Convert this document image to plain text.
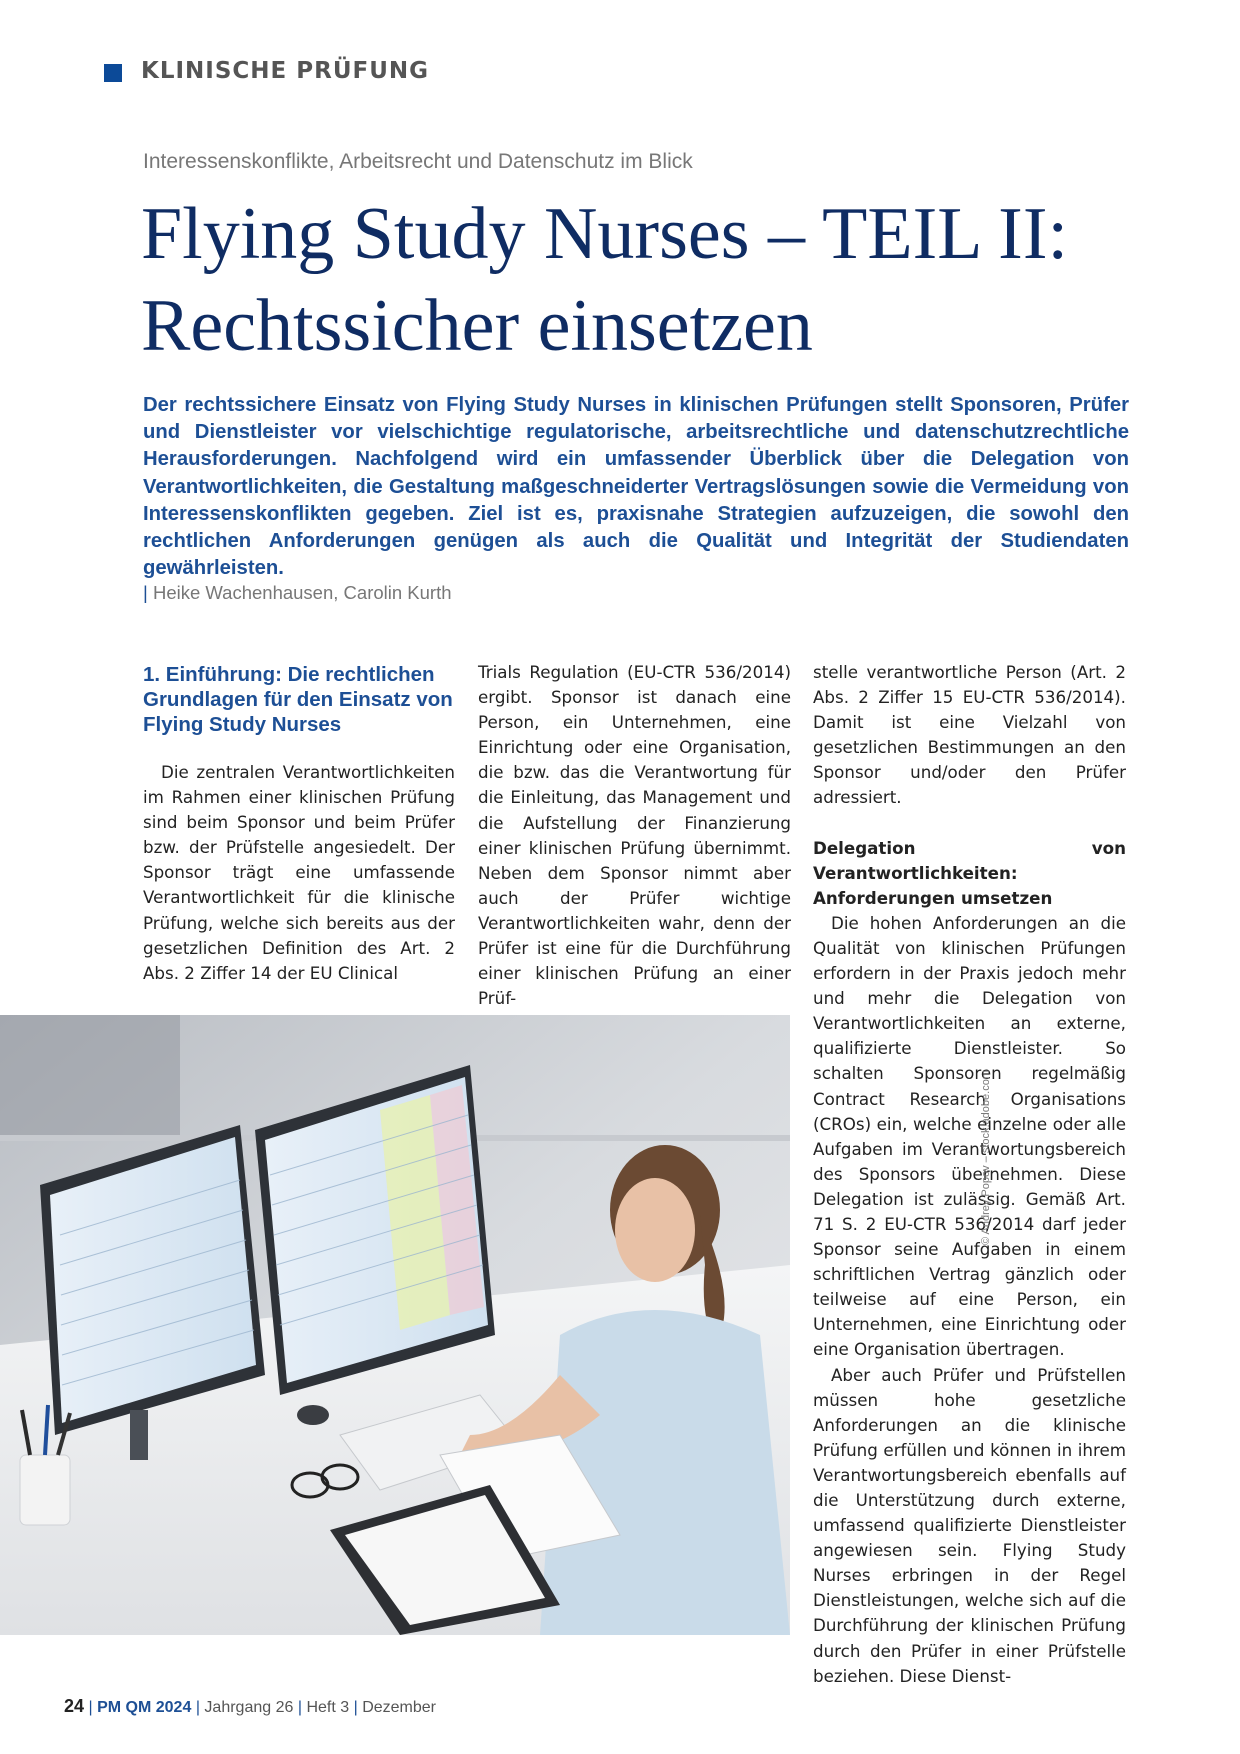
KLINISCHE PRÜFUNG
Interessenskonflikte, Arbeitsrecht und Datenschutz im Blick
Flying Study Nurses – TEIL II:
Rechtssicher einsetzen
Der rechtssichere Einsatz von Flying Study Nurses in klinischen Prüfungen stellt Sponsoren, Prüfer und Dienstleister vor vielschichtige regulatorische, arbeitsrechtliche und datenschutzrechtliche Herausforderungen. Nachfolgend wird ein umfassender Überblick über die Delegation von Verantwortlichkeiten, die Gestaltung maßgeschneiderter Vertragslösungen sowie die Vermeidung von Interessenskonflikten gegeben. Ziel ist es, praxisnahe Strategien aufzuzeigen, die sowohl den rechtlichen Anforderungen genügen als auch die Qualität und Integrität der Studiendaten gewährleisten.
| Heike Wachenhausen, Carolin Kurth
1. Einführung: Die rechtlichen Grundlagen für den Einsatz von Flying Study Nurses

Die zentralen Verantwortlichkeiten im Rahmen einer klinischen Prüfung sind beim Sponsor und beim Prüfer bzw. der Prüfstelle angesiedelt. Der Sponsor trägt eine umfassende Verantwortlichkeit für die klinische Prüfung, welche sich bereits aus der gesetzlichen Definition des Art. 2 Abs. 2 Ziffer 14 der EU Clinical

Trials Regulation (EU-CTR 536/2014) ergibt. Sponsor ist danach eine Person, ein Unternehmen, eine Einrichtung oder eine Organisation, die bzw. das die Verantwortung für die Einleitung, das Management und die Aufstellung der Finanzierung einer klinischen Prüfung übernimmt. Neben dem Sponsor nimmt aber auch der Prüfer wichtige Verantwortlichkeiten wahr, denn der Prüfer ist eine für die Durchführung einer klinischen Prüfung an einer Prüf-

stelle verantwortliche Person (Art. 2 Abs. 2 Ziffer 15 EU-CTR 536/2014). Damit ist eine Vielzahl von gesetzlichen Bestimmungen an den Sponsor und/oder den Prüfer adressiert.

Delegation von Verantwortlichkeiten: Anforderungen umsetzen

Die hohen Anforderungen an die Qualität von klinischen Prüfungen erfordern in der Praxis jedoch mehr und mehr die Delegation von Verantwortlichkeiten an externe, qualifizierte Dienstleister. So schalten Sponsoren regelmäßig Contract Research Organisations (CROs) ein, welche einzelne oder alle Aufgaben im Verantwortungsbereich des Sponsors übernehmen. Diese Delegation ist zulässig. Gemäß Art. 71 S. 2 EU-CTR 536/2014 darf jeder Sponsor seine Aufgaben in einem schriftlichen Vertrag gänzlich oder teilweise auf eine Person, ein Unternehmen, eine Einrichtung oder eine Organisation übertragen.

Aber auch Prüfer und Prüfstellen müssen hohe gesetzliche Anforderungen an die klinische Prüfung erfüllen und können in ihrem Verantwortungsbereich ebenfalls auf die Unterstützung durch externe, umfassend qualifizierte Dienstleister angewiesen sein. Flying Study Nurses erbringen in der Regel Dienstleistungen, welche sich auf die Durchführung der klinischen Prüfung durch den Prüfer in einer Prüfstelle beziehen. Diese Dienst-

© Andrey Popov – stock.adobe.com
24 | PM QM 2024 | Jahrgang 26 | Heft 3 | Dezember
